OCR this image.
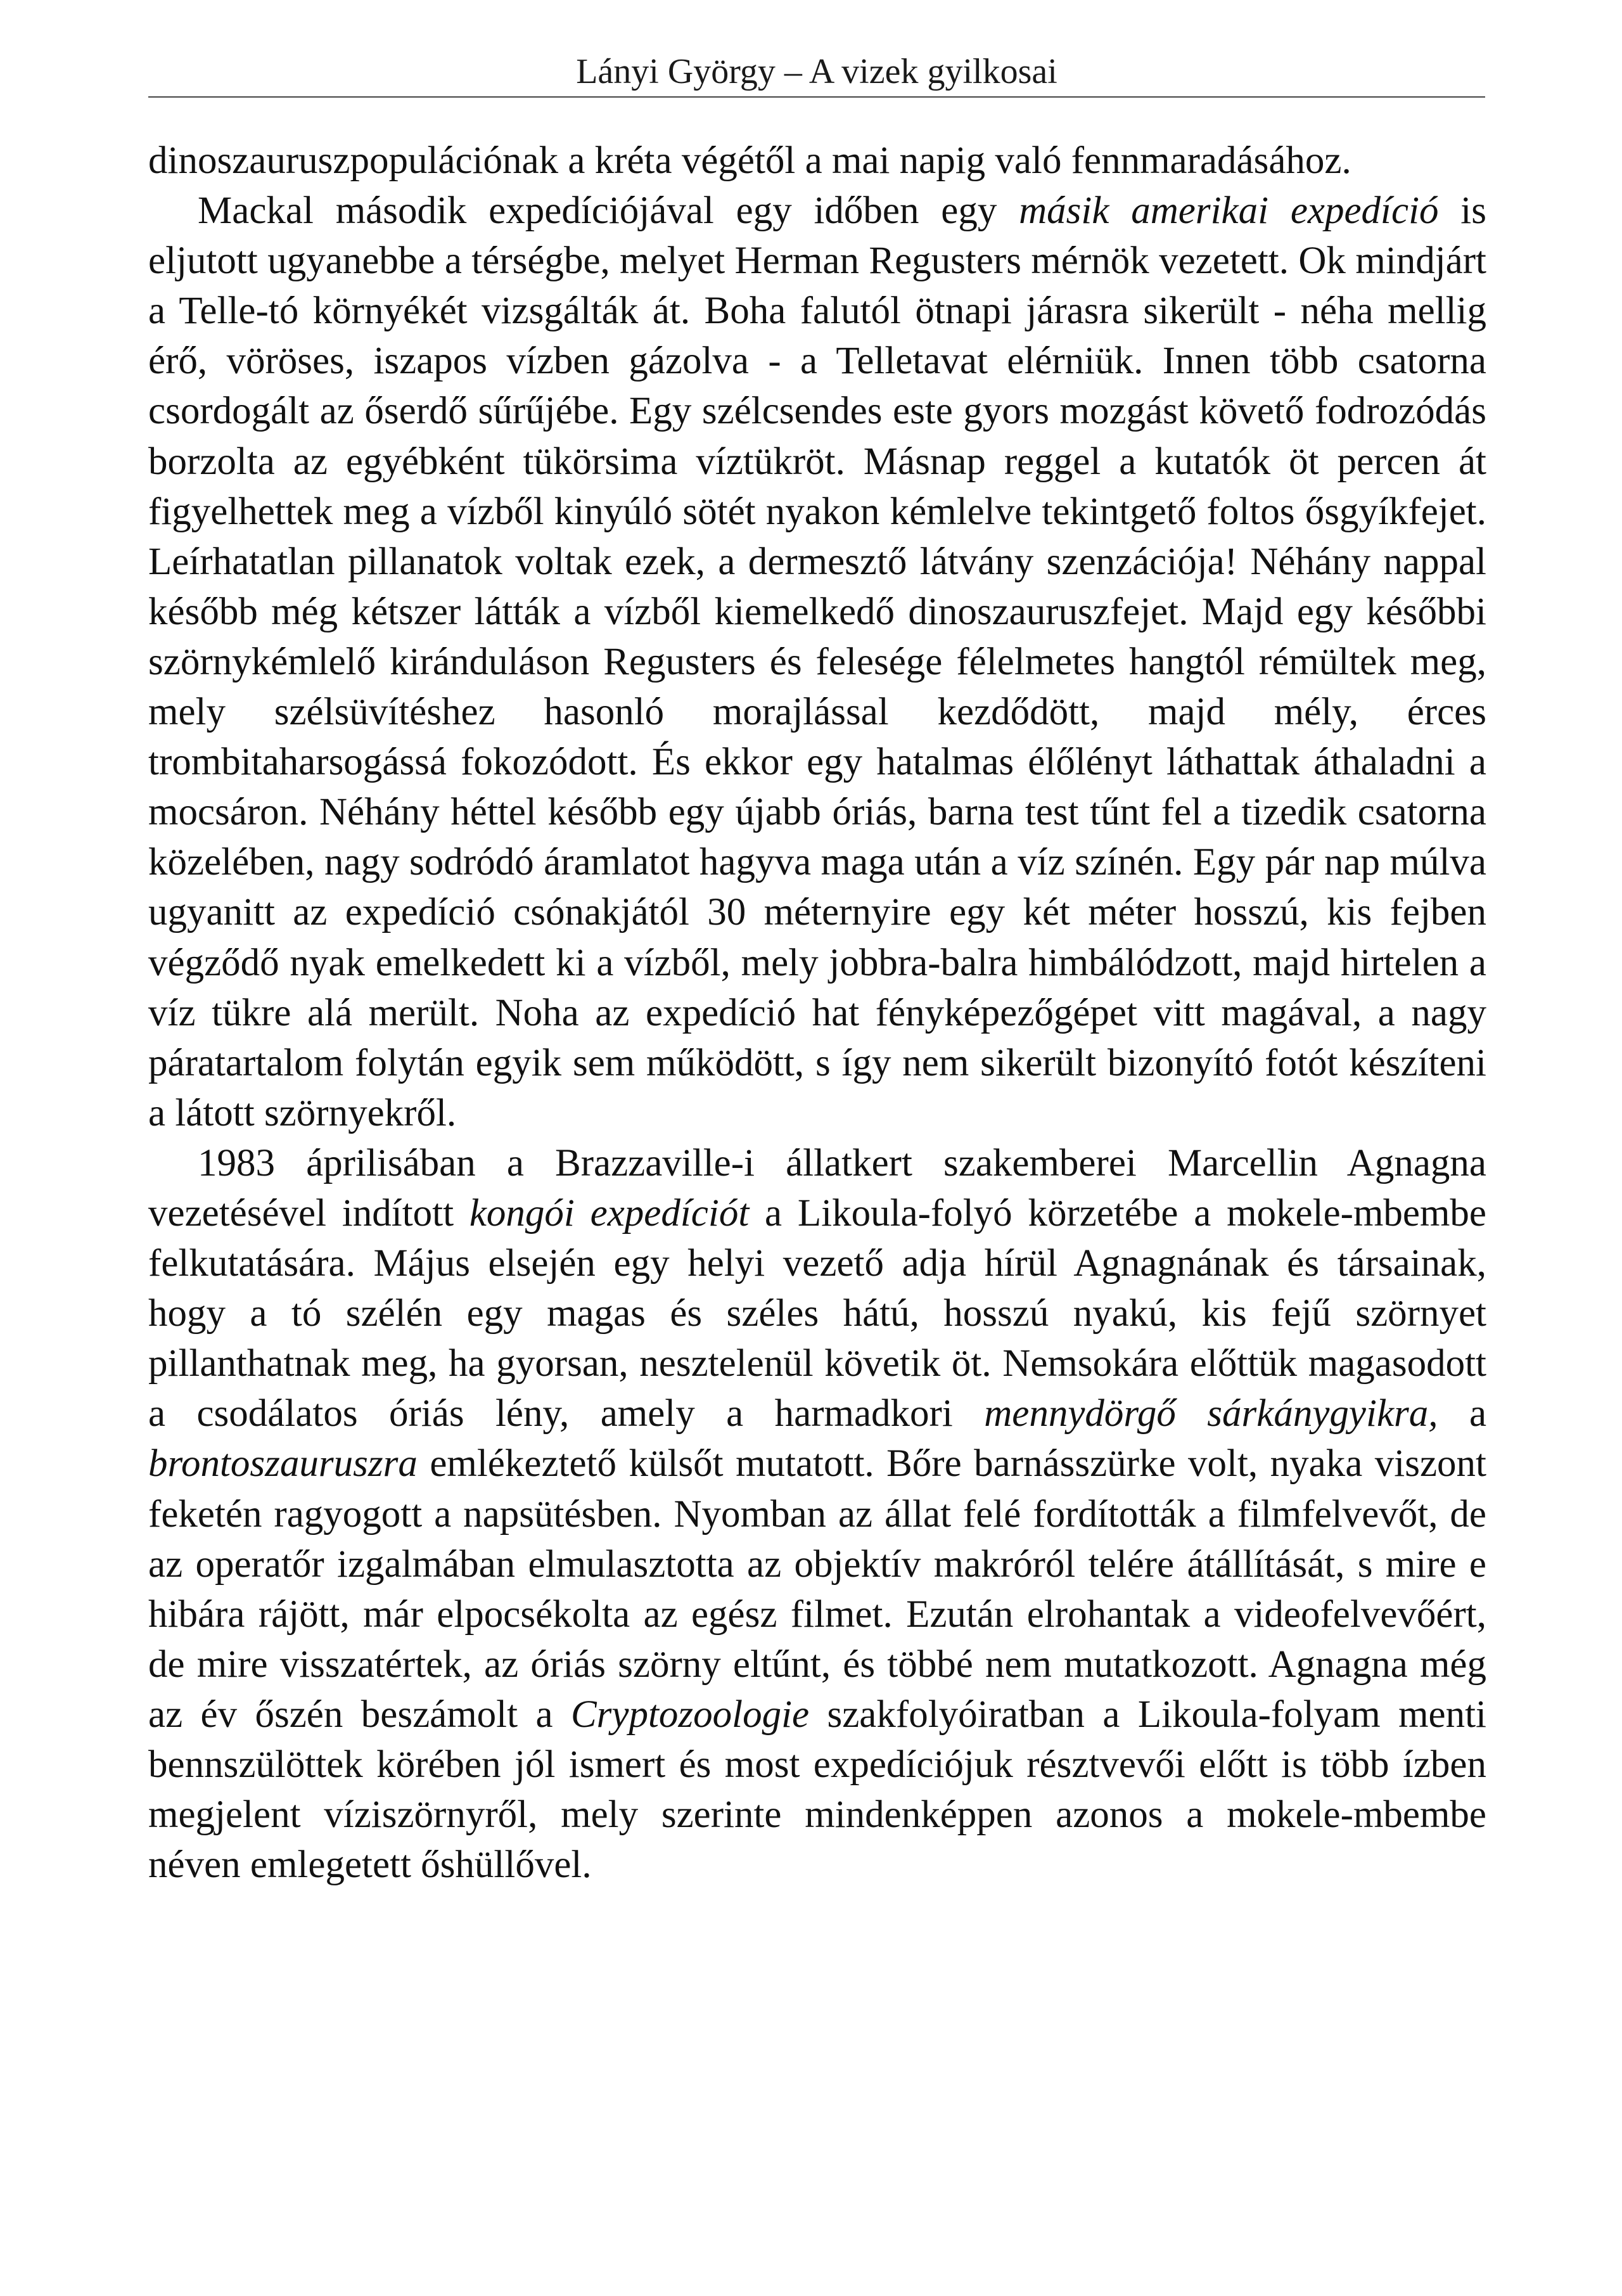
Lányi György – A vizek gyilkosai

dinoszauruszpopulációnak a kréta végétől a mai napig való fennmaradásához.

Mackal második expedíciójával egy időben egy másik amerikai expedíció is eljutott ugyanebbe a térségbe, melyet Herman Regusters mérnök vezetett. Ok mindjárt a Telle-tó környékét vizsgálták át. Boha falutól ötnapi járasra sikerült - néha mellig érő, vöröses, iszapos vízben gázolva - a Telletavat elérniük. Innen több csatorna csordogált az őserdő sűrűjébe. Egy szélcsendes este gyors mozgást követő fodrozódás borzolta az egyébként tükörsima víztükröt. Másnap reggel a kutatók öt percen át figyelhettek meg a vízből kinyúló sötét nyakon kémlelve tekintgető foltos ősgyíkfejet. Leírhatatlan pillanatok voltak ezek, a dermesztő látvány szenzációja! Néhány nappal később még kétszer látták a vízből kiemelkedő dinoszauruszfejet. Majd egy későbbi szörnykémlelő kiránduláson Regusters és felesége félelmetes hangtól rémültek meg, mely szélsüvítéshez hasonló morajlással kezdődött, majd mély, érces trombitaharsogássá fokozódott. És ekkor egy hatalmas élőlényt láthattak áthaladni a mocsáron. Néhány héttel később egy újabb óriás, barna test tűnt fel a tizedik csatorna közelében, nagy sodródó áramlatot hagyva maga után a víz színén. Egy pár nap múlva ugyanitt az expedíció csónakjától 30 méternyire egy két méter hosszú, kis fejben végződő nyak emelkedett ki a vízből, mely jobbra-balra himbálódzott, majd hirtelen a víz tükre alá merült. Noha az expedíció hat fényképezőgépet vitt magával, a nagy páratartalom folytán egyik sem működött, s így nem sikerült bizonyító fotót készíteni a látott szörnyekről.

1983 áprilisában a Brazzaville-i állatkert szakemberei Marcellin Agnagna vezetésével indított kongói expedíciót a Likoula-folyó körzetébe a mokele-mbembe felkutatására. Május elsején egy helyi vezető adja hírül Agnagnának és társainak, hogy a tó szélén egy magas és széles hátú, hosszú nyakú, kis fejű szörnyet pillanthatnak meg, ha gyorsan, nesztelenül követik öt. Nemsokára előttük magasodott a csodálatos óriás lény, amely a harmadkori mennydörgő sárkánygyikra, a brontoszauruszra emlékeztető külsőt mutatott. Bőre barnásszürke volt, nyaka viszont feketén ragyogott a napsütésben. Nyomban az állat felé fordították a filmfelvevőt, de az operatőr izgalmában elmulasztotta az objektív makróról telére átállítását, s mire e hibára rájött, már elpocsékolta az egész filmet. Ezután elrohantak a videofelvevőért, de mire visszatértek, az óriás szörny eltűnt, és többé nem mutatkozott. Agnagna még az év őszén beszámolt a Cryptozoologie szakfolyóiratban a Likoula-folyam menti bennszülöttek körében jól ismert és most expedíciójuk résztvevői előtt is több ízben megjelent víziszörnyről, mely szerinte mindenképpen azonos a mokele-mbembe néven emlegetett őshüllővel.
